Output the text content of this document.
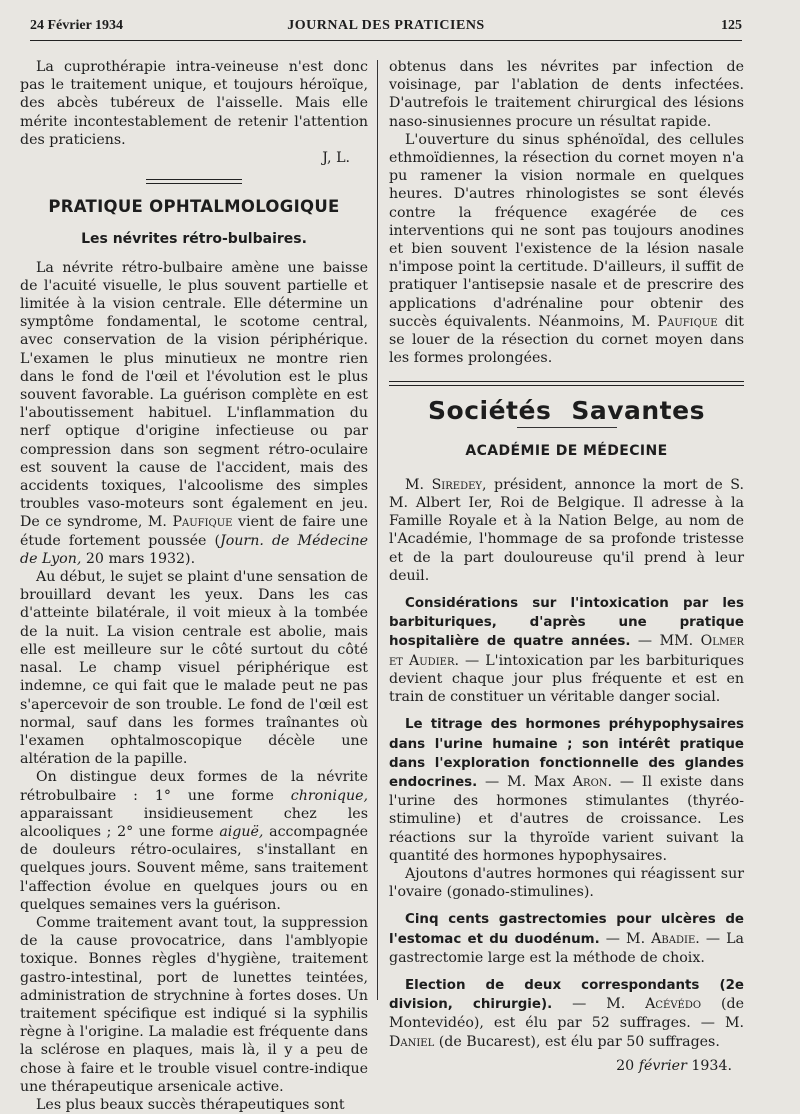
24 Février 1934	JOURNAL DES PRATICIENS	125

La cuprothérapie intra-veineuse n'est donc pas le traitement unique, et toujours héroïque, des abcès tubéreux de l'aisselle. Mais elle mérite incontestablement de retenir l'attention des praticiens.

J, L.

PRATIQUE OPHTALMOLOGIQUE
Les névrites rétro-bulbaires.

La névrite rétro-bulbaire amène une baisse de l'acuité visuelle, le plus souvent partielle et limitée à la vision centrale. Elle détermine un symptôme fondamental, le scotome central, avec conservation de la vision périphérique. L'examen le plus minutieux ne montre rien dans le fond de l'œil et l'évolution est le plus souvent favorable. La guérison complète en est l'aboutissement habituel. L'inflammation du nerf optique d'origine infectieuse ou par compression dans son segment rétro-oculaire est souvent la cause de l'accident, mais des accidents toxiques, l'alcoolisme des simples troubles vaso-moteurs sont également en jeu. De ce syndrome, M. Paufique vient de faire une étude fortement poussée (Journ. de Médecine de Lyon, 20 mars 1932).

Au début, le sujet se plaint d'une sensation de brouillard devant les yeux. Dans les cas d'atteinte bilatérale, il voit mieux à la tombée de la nuit. La vision centrale est abolie, mais elle est meilleure sur le côté surtout du côté nasal. Le champ visuel périphérique est indemne, ce qui fait que le malade peut ne pas s'apercevoir de son trouble. Le fond de l'œil est normal, sauf dans les formes traînantes où l'examen ophtalmoscopique décèle une altération de la papille.

On distingue deux formes de la névrite rétrobulbaire : 1° une forme chronique, apparaissant insidieusement chez les alcooliques ; 2° une forme aiguë, accompagnée de douleurs rétro-oculaires, s'installant en quelques jours. Souvent même, sans traitement l'affection évolue en quelques jours ou en quelques semaines vers la guérison.

Comme traitement avant tout, la suppression de la cause provocatrice, dans l'amblyopie toxique. Bonnes règles d'hygiène, traitement gastro-intestinal, port de lunettes teintées, administration de strychnine à fortes doses. Un traitement spécifique est indiqué si la syphilis règne à l'origine. La maladie est fréquente dans la sclérose en plaques, mais là, il y a peu de chose à faire et le trouble visuel contre-indique une thérapeutique arsenicale active.

Les plus beaux succès thérapeutiques sont

obtenus dans les névrites par infection de voisinage, par l'ablation de dents infectées. D'autrefois le traitement chirurgical des lésions naso-sinusiennes procure un résultat rapide.

L'ouverture du sinus sphénoïdal, des cellules ethmoïdiennes, la résection du cornet moyen n'a pu ramener la vision normale en quelques heures. D'autres rhinologistes se sont élevés contre la fréquence exagérée de ces interventions qui ne sont pas toujours anodines et bien souvent l'existence de la lésion nasale n'impose point la certitude. D'ailleurs, il suffit de pratiquer l'antisepsie nasale et de prescrire des applications d'adrénaline pour obtenir des succès équivalents. Néanmoins, M. Paufique dit se louer de la résection du cornet moyen dans les formes prolongées.

Sociétés Savantes
ACADÉMIE DE MÉDECINE

M. Siredey, président, annonce la mort de S. M. Albert Ier, Roi de Belgique. Il adresse à la Famille Royale et à la Nation Belge, au nom de l'Académie, l'hommage de sa profonde tristesse et de la part douloureuse qu'il prend à leur deuil.

Considérations sur l'intoxication par les barbituriques, d'après une pratique hospitalière de quatre années. — MM. Olmer et Audier. — L'intoxication par les barbituriques devient chaque jour plus fréquente et est en train de constituer un véritable danger social.

Le titrage des hormones préhypophysaires dans l'urine humaine ; son intérêt pratique dans l'exploration fonctionnelle des glandes endocrines. — M. Max Aron. — Il existe dans l'urine des hormones stimulantes (thyréo-stimuline) et d'autres de croissance. Les réactions sur la thyroïde varient suivant la quantité des hormones hypophysaires.

Ajoutons d'autres hormones qui réagissent sur l'ovaire (gonado-stimulines).

Cinq cents gastrectomies pour ulcères de l'estomac et du duodénum. — M. Abadie. — La gastrectomie large est la méthode de choix.

Election de deux correspondants (2e division, chirurgie). — M. Acévédo (de Montevidéo), est élu par 52 suffrages. — M. Daniel (de Bucarest), est élu par 50 suffrages.

20 février 1934.
